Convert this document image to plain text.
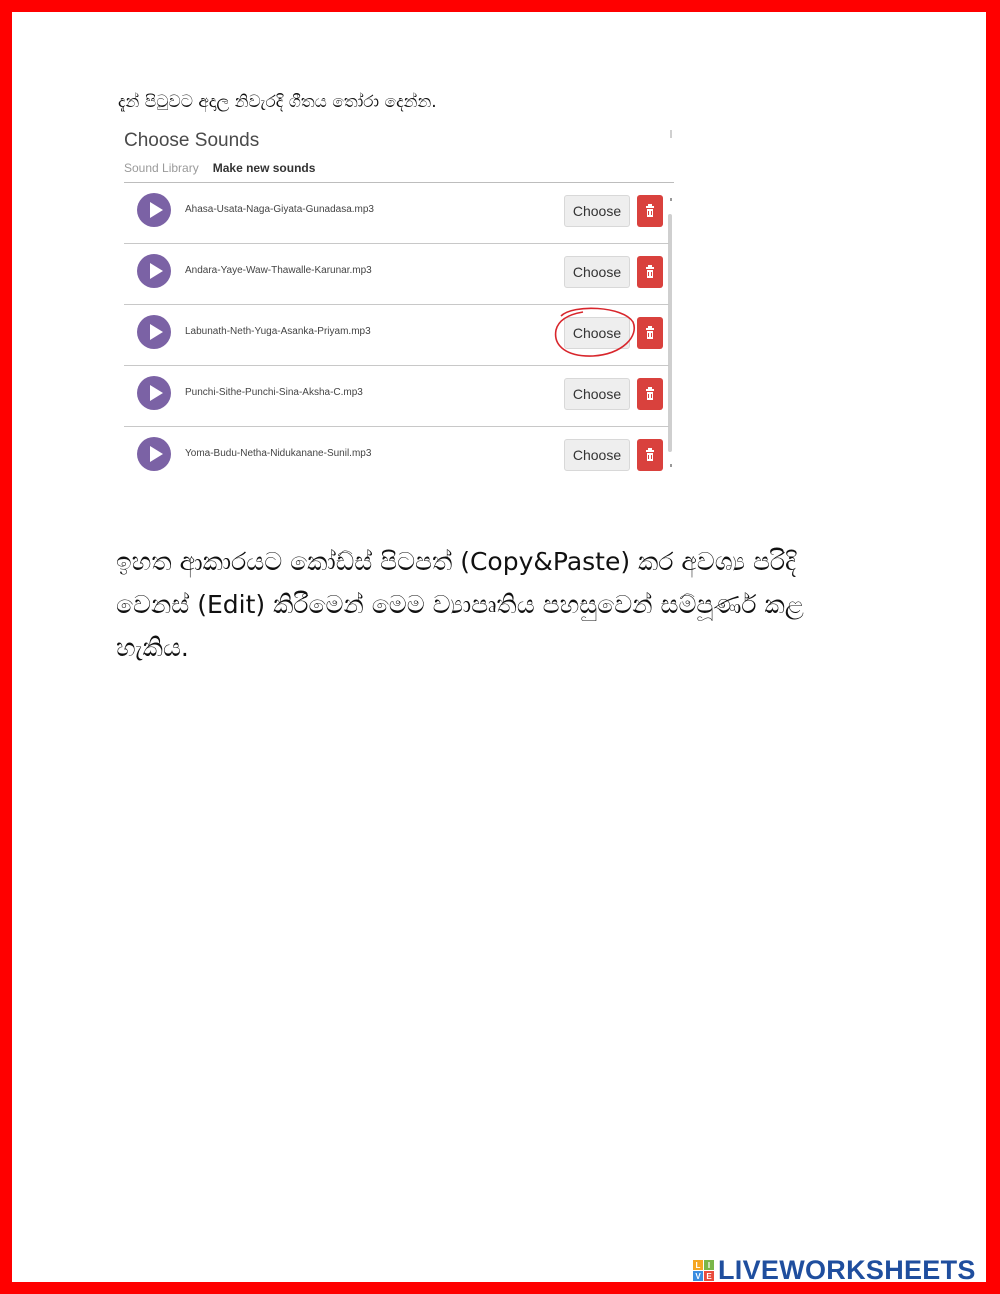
දැන් පිටුවට අදාල නිවැරදි ගීතය තෝරා දෙන්න.

Choose Sounds
Sound Library Make new sounds
Ahasa-Usata-Naga-Giyata-Gunadasa.mp3	Choose
Andara-Yaye-Waw-Thawalle-Karunar.mp3	Choose
Labunath-Neth-Yuga-Asanka-Priyam.mp3	Choose
Punchi-Sithe-Punchi-Sina-Aksha-C.mp3	Choose
Yoma-Budu-Netha-Nidukanane-Sunil.mp3	Choose

ඉහත ආකාරයට කෝඩ්ස් පිටපත් (Copy&Paste) කර අවශ්‍ය පරිදි වෙනස් (Edit) කිරීමෙන් මෙම ව්‍යාපෘතිය පහසුවෙන් සම්පූර්ණ කළ හැකිය.

L I
V E LIVEWORKSHEETS
